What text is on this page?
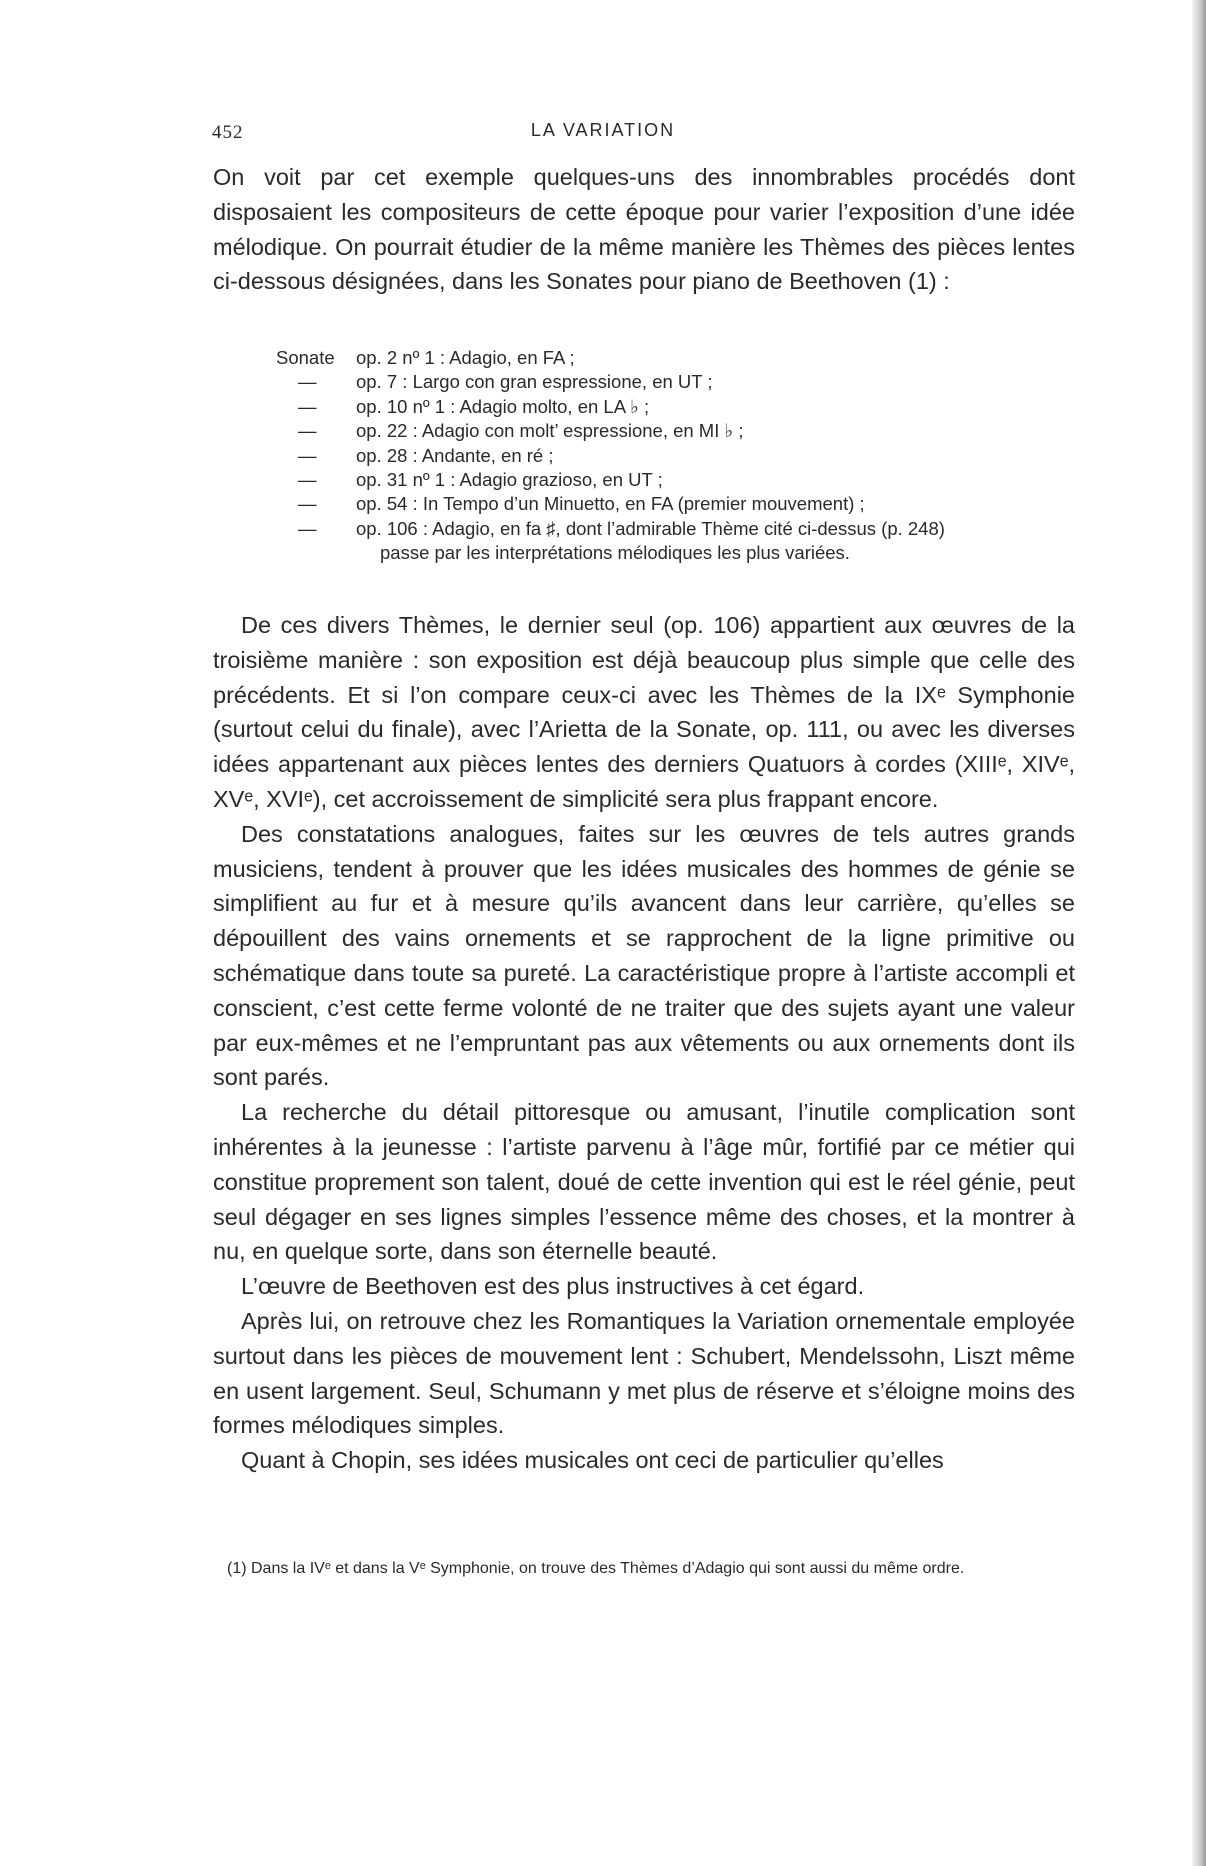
452	LA VARIATION
On voit par cet exemple quelques-uns des innombrables procédés dont disposaient les compositeurs de cette époque pour varier l’exposition d’une idée mélodique. On pourrait étudier de la même manière les Thèmes des pièces lentes ci-dessous désignées, dans les Sonates pour piano de Beethoven (1) :
Sonate op. 2 nº 1 : Adagio, en FA ;
— op. 7 : Largo con gran espressione, en UT ;
— op. 10 nº 1 : Adagio molto, en LA ♭ ;
— op. 22 : Adagio con molt’ espressione, en MI ♭ ;
— op. 28 : Andante, en ré ;
— op. 31 nº 1 : Adagio grazioso, en UT ;
— op. 54 : In Tempo d’un Minuetto, en FA (premier mouvement) ;
— op. 106 : Adagio, en fa ♯, dont l’admirable Thème cité ci-dessus (p. 248)
passe par les interprétations mélodiques les plus variées.

De ces divers Thèmes, le dernier seul (op. 106) appartient aux œuvres de la troisième manière : son exposition est déjà beaucoup plus simple que celle des précédents. Et si l’on compare ceux-ci avec les Thèmes de la IXᵉ Symphonie (surtout celui du finale), avec l’Arietta de la Sonate, op. 111, ou avec les diverses idées appartenant aux pièces lentes des derniers Quatuors à cordes (XIIIᵉ, XIVᵉ, XVᵉ, XVIᵉ), cet accroissement de simplicité sera plus frappant encore.

Des constatations analogues, faites sur les œuvres de tels autres grands musiciens, tendent à prouver que les idées musicales des hommes de génie se simplifient au fur et à mesure qu’ils avancent dans leur carrière, qu’elles se dépouillent des vains ornements et se rapprochent de la ligne primitive ou schématique dans toute sa pureté. La caractéristique propre à l’artiste accompli et conscient, c’est cette ferme volonté de ne traiter que des sujets ayant une valeur par eux-mêmes et ne l’empruntant pas aux vêtements ou aux ornements dont ils sont parés.

La recherche du détail pittoresque ou amusant, l’inutile complication sont inhérentes à la jeunesse : l’artiste parvenu à l’âge mûr, fortifié par ce métier qui constitue proprement son talent, doué de cette invention qui est le réel génie, peut seul dégager en ses lignes simples l’essence même des choses, et la montrer à nu, en quelque sorte, dans son éternelle beauté.

L’œuvre de Beethoven est des plus instructives à cet égard.

Après lui, on retrouve chez les Romantiques la Variation ornementale employée surtout dans les pièces de mouvement lent : Schubert, Mendelssohn, Liszt même en usent largement. Seul, Schumann y met plus de réserve et s’éloigne moins des formes mélodiques simples.

Quant à Chopin, ses idées musicales ont ceci de particulier qu’elles

(1) Dans la IVᵉ et dans la Vᵉ Symphonie, on trouve des Thèmes d’Adagio qui sont aussi du même ordre.
